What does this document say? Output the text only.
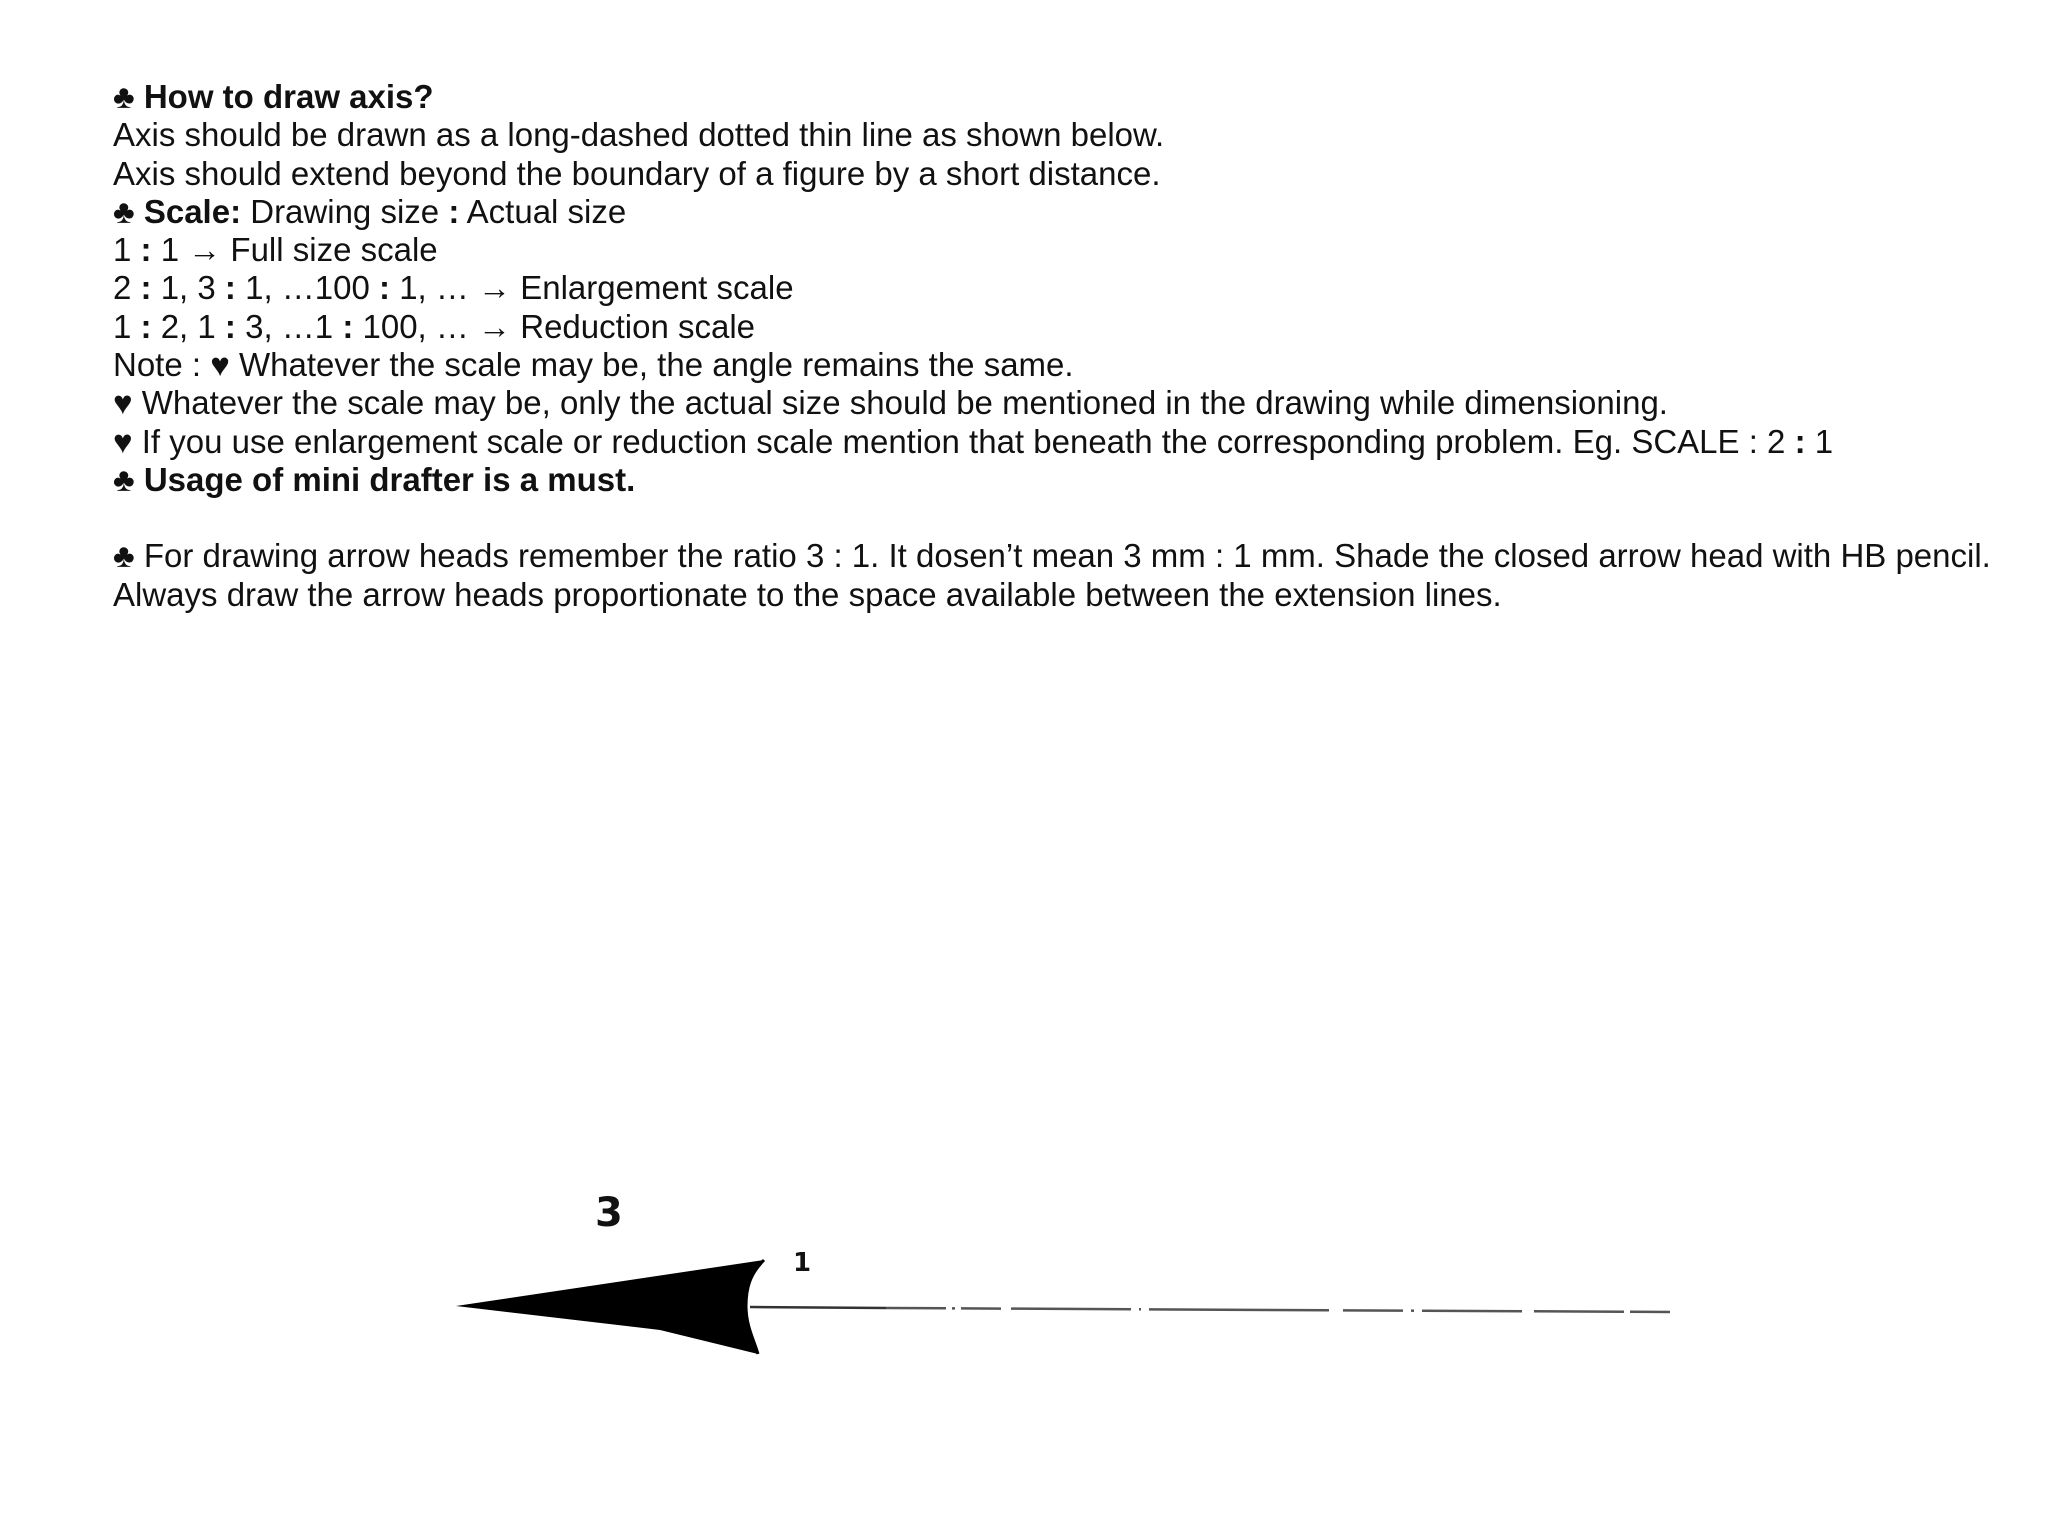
♣ How to draw axis?

Axis should be drawn as a long-dashed dotted thin line as shown below.

Axis should extend beyond the boundary of a figure by a short distance.

♣ Scale: Drawing size : Actual size

1 : 1 → Full size scale

2 : 1, 3 : 1, …100 : 1, … → Enlargement scale

1 : 2, 1 : 3, …1 : 100, … → Reduction scale

Note : ♥ Whatever the scale may be, the angle remains the same.

♥ Whatever the scale may be, only the actual size should be mentioned in the drawing while dimensioning.

♥ If you use enlargement scale or reduction scale mention that beneath the corresponding problem. Eg. SCALE : 2 : 1

♣ Usage of mini drafter is a must.

♣ For drawing arrow heads remember the ratio 3 : 1. It dosen’t mean 3 mm : 1 mm. Shade the closed arrow head with HB pencil. Always draw the arrow heads proportionate to the space available between the extension lines.

3
1
